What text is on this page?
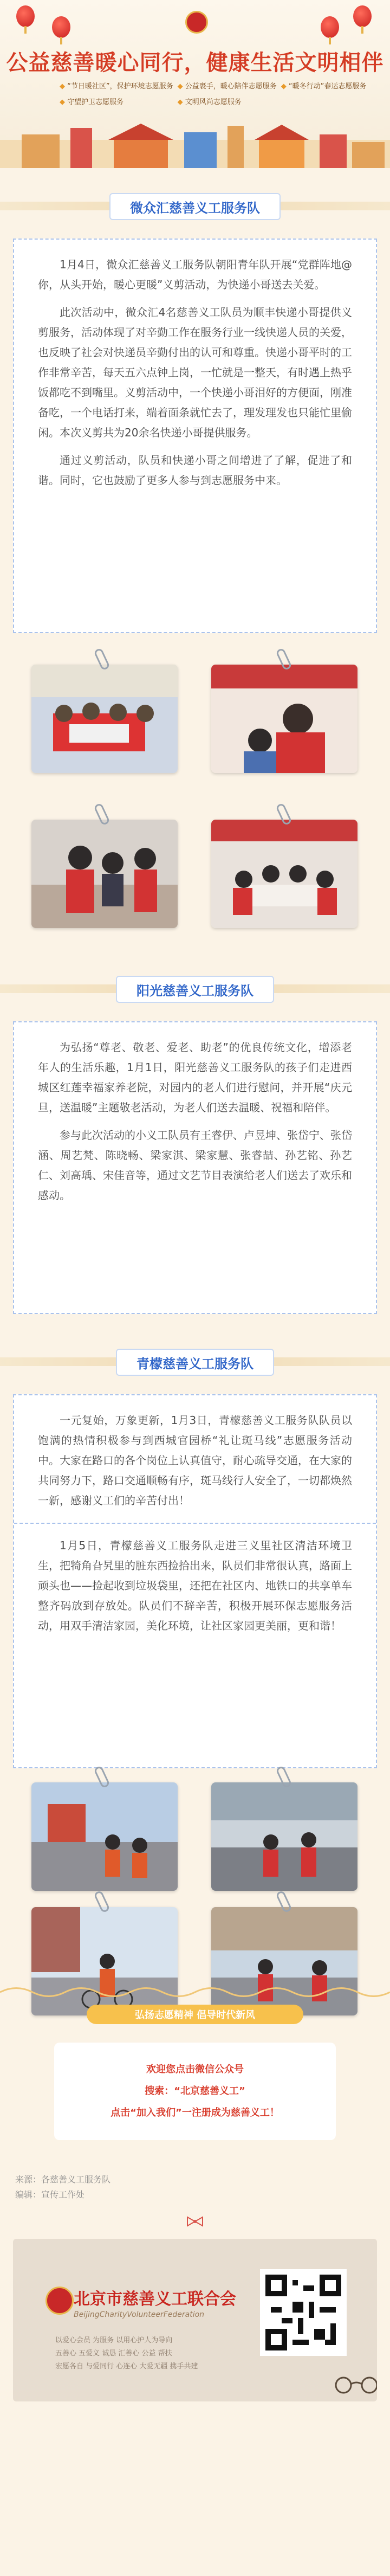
公益慈善暖心同行，健康生活文明相伴
◆ “节日暖社区”，保护环境志愿服务	◆ 公益裹手，暖心陪伴志愿服务	◆ “暖冬行动”春运志愿服务
◆ 守望护卫志愿服务	◆ 文明风尚志愿服务
微众汇慈善义工服务队

1月4日，微众汇慈善义工服务队朝阳青年队开展“党群阵地@你，从头开始，暖心更暖”义剪活动，为快递小哥送去关爱。

此次活动中，微众汇4名慈善义工队员为顺丰快递小哥提供义剪服务，活动体现了对辛勤工作在服务行业一线快递人员的关爱，也反映了社会对快递员辛勤付出的认可和尊重。快递小哥平时的工作非常辛苦，每天五六点钟上岗，一忙就是一整天，有时遇上热乎饭都吃不到嘴里。义剪活动中，一个快递小哥泪好的方便面，刚准备吃，一个电话打来，端着面条就忙去了，理发理发也只能忙里偷闲。本次义剪共为20余名快递小哥提供服务。

通过义剪活动，队员和快递小哥之间增进了了解，促进了和谐。同时，它也鼓励了更多人参与到志愿服务中来。

阳光慈善义工服务队

为弘扬“尊老、敬老、爱老、助老”的优良传统文化，增添老年人的生活乐趣，1月1日，阳光慈善义工服务队的孩子们走进西城区红莲幸福家养老院，对园内的老人们进行慰问，并开展“庆元旦，送温暖”主题敬老活动，为老人们送去温暖、祝福和陪伴。

参与此次活动的小义工队员有王睿伊、卢昱坤、张岱宁、张岱涵、周艺梵、陈晓畅、梁家淇、梁家慧、张睿喆、孙艺铭、孙艺仁、刘高瑀、宋佳音等，通过文艺节目表演给老人们送去了欢乐和感动。

青檬慈善义工服务队

一元复始，万象更新，1月3日，青檬慈善义工服务队队员以饱满的热情积极参与到西城官园桥“礼让斑马线”志愿服务活动中。大家在路口的各个岗位上认真值守，耐心疏导交通，在大家的共同努力下，路口交通顺畅有序，斑马线行人安全了，一切都焕然一新，感谢义工们的辛苦付出！

1月5日，青檬慈善义工服务队走进三义里社区清洁环境卫生，把犄角旮旯里的脏东西捡拾出来，队员们非常很认真，路面上顽头也——捡起收到垃圾袋里，还把在社区内、地铁口的共享单车整齐码放到存放处。队员们不辞辛苦，积极开展环保志愿服务活动，用双手清洁家园，美化环境，让社区家园更美丽，更和谐！

弘扬志愿精神 倡导时代新风
欢迎您点击微信公众号
搜索：“北京慈善义工”
点击“加入我们”一注册成为慈善义工！
来源：各慈善义工服务队
编辑：宣传工作处
北京市慈善义工联合会
BeijingCharityVolunteerFederation
以爱心会员 为服务 以用心护人为导向
五善心 五爱义 诚恳 汇善心 公益 帮扶
宏愿各自 与爱同行 心连心 大爱无疆 携手共建
